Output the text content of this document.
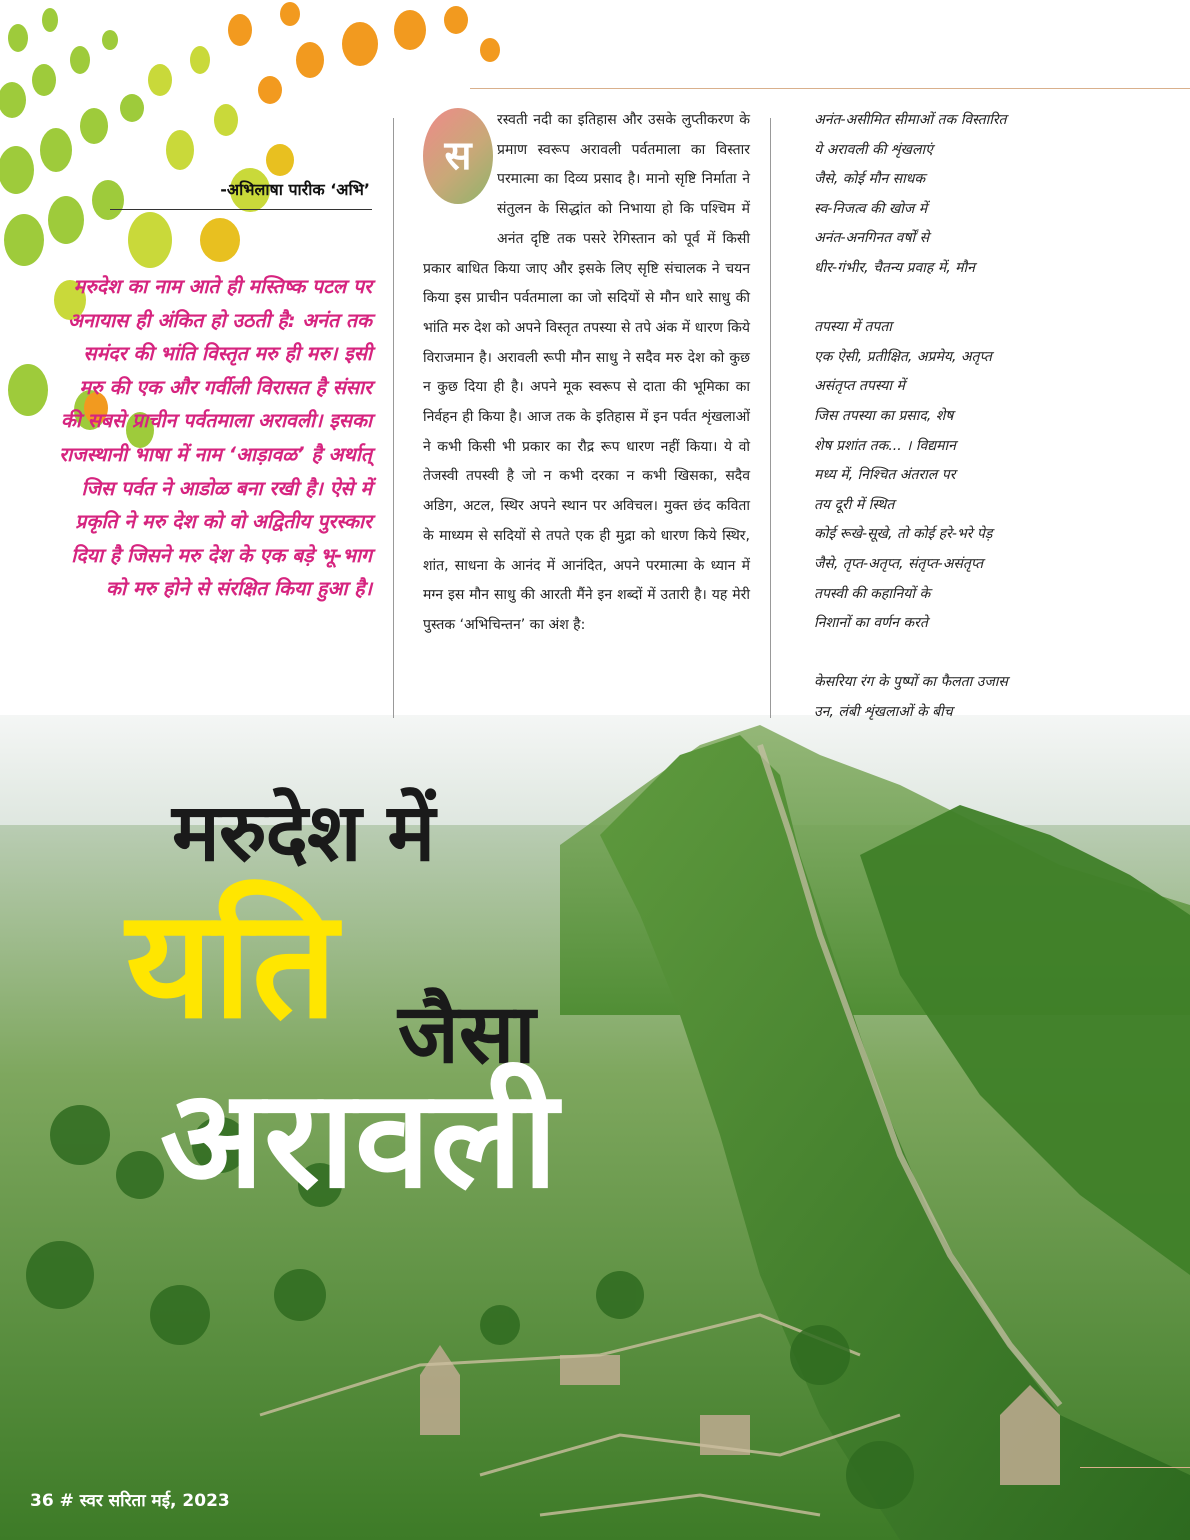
-अभिलाषा पारीक ‘अभि’
मरुदेश का नाम आते ही मस्तिष्क पटल पर अनायास ही अंकित हो उठती है: अनंत तक समंदर की भांति विस्तृत मरु ही मरु। इसी मरु की एक और गर्वीली विरासत है संसार की सबसे प्राचीन पर्वतमाला अरावली। इसका राजस्थानी भाषा में नाम ‘आड़ावळ’ है अर्थात् जिस पर्वत ने आडोळ बना रखी है। ऐसे में प्रकृति ने मरु देश को वो अद्वितीय पुरस्कार दिया है जिसने मरु देश के एक बड़े भू-भाग को मरु होने से संरक्षित किया हुआ है।
रस्वती नदी का इतिहास और उसके लुप्तीकरण के प्रमाण स्वरूप अरावली पर्वतमाला का विस्तार परमात्मा का दिव्य प्रसाद है। मानो सृष्टि निर्माता ने संतुलन के सिद्धांत को निभाया हो कि पश्चिम में अनंत दृष्टि तक पसरे रेगिस्तान को पूर्व में किसी प्रकार बाधित किया जाए और इसके लिए सृष्टि संचालक ने चयन किया इस प्राचीन पर्वतमाला का जो सदियों से मौन धारे साधु की भांति मरु देश को अपने विस्तृत तपस्या से तपे अंक में धारण किये विराजमान है। अरावली रूपी मौन साधु ने सदैव मरु देश को कुछ न कुछ दिया ही है। अपने मूक स्वरूप से दाता की भूमिका का निर्वहन ही किया है। आज तक के इतिहास में इन पर्वत शृंखलाओं ने कभी किसी भी प्रकार का रौद्र रूप धारण नहीं किया। ये वो तेजस्वी तपस्वी है जो न कभी दरका न कभी खिसका, सदैव अडिग, अटल, स्थिर अपने स्थान पर अविचल। मुक्त छंद कविता के माध्यम से सदियों से तपते एक ही मुद्रा को धारण किये स्थिर, शांत, साधना के आनंद में आनंदित, अपने परमात्मा के ध्यान में मग्न इस मौन साधु की आरती मैंने इन शब्दों में उतारी है। यह मेरी पुस्तक ‘अभिचिन्तन’ का अंश है:
स
अनंत-असीमित सीमाओं तक विस्तारित
ये अरावली की शृंखलाएं
जैसे, कोई मौन साधक
स्व-निजत्व की खोज में
अनंत-अनगिनत वर्षों से
धीर-गंभीर, चैतन्य प्रवाह में, मौन
तपस्या में तपता
एक ऐसी, प्रतीक्षित, अप्रमेय, अतृप्त
असंतृप्त तपस्या में
जिस तपस्या का प्रसाद, शेष
शेष प्रशांत तक... । विद्यमान
मध्य में, निश्चित अंतराल पर
तय दूरी में स्थित
कोई रूखे-सूखे, तो कोई हरे-भरे पेड़
जैसे, तृप्त-अतृप्त, संतृप्त-असंतृप्त
तपस्वी की कहानियों के
निशानों का वर्णन करते
केसरिया रंग के पुष्पों का फैलता उजास
उन, लंबी शृंखलाओं के बीच
मरुदेश में
यति जैसा
अरावली
36 # स्वर सरिता मई, 2023
